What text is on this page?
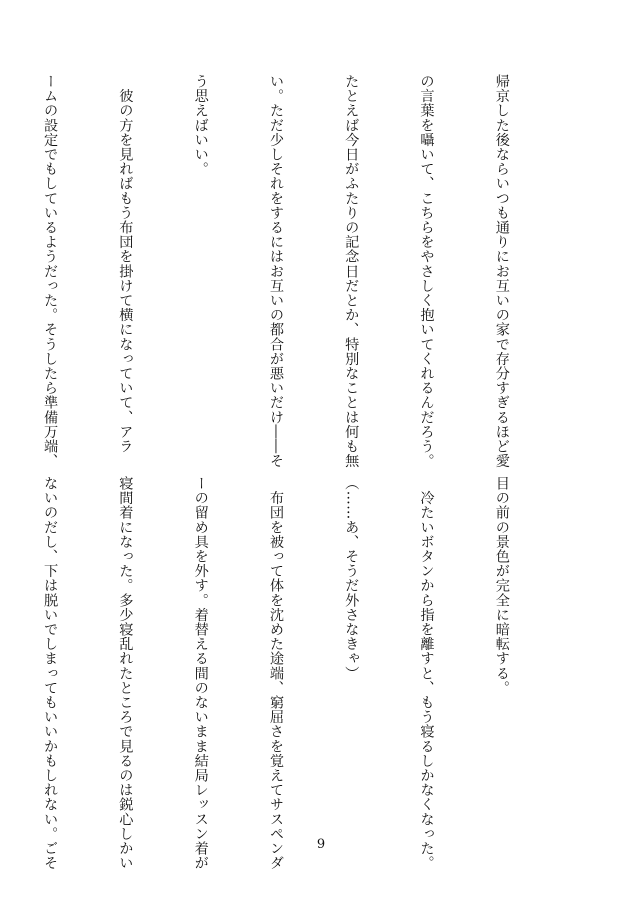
帰京した後ならいつも通りにお互いの家で存分すぎるほど愛

の言葉を囁いて、こちらをやさしく抱いてくれるんだろう。

たとえば今日がふたりの記念日だとか、特別なことは何も無

い。ただ少しそれをするにはお互いの都合が悪いだけ――そ

う思えばいい。

　彼の方を見ればもう布団を掛けて横になっていて、アラ

ームの設定でもしているようだった。そうしたら準備万端、

目の前の景色が完全に暗転する。

　冷たいボタンから指を離すと、もう寝るしかなくなった。

（……あ、そうだ外さなきゃ）

　布団を被って体を沈めた途端、窮屈さを覚えてサスペンダ

ーの留め具を外す。着替える間のないまま結局レッスン着が

寝間着になった。多少寝乱れたところで見るのは鋭心しかい

ないのだし、下は脱いでしまってもいいかもしれない。ごそ

	9
